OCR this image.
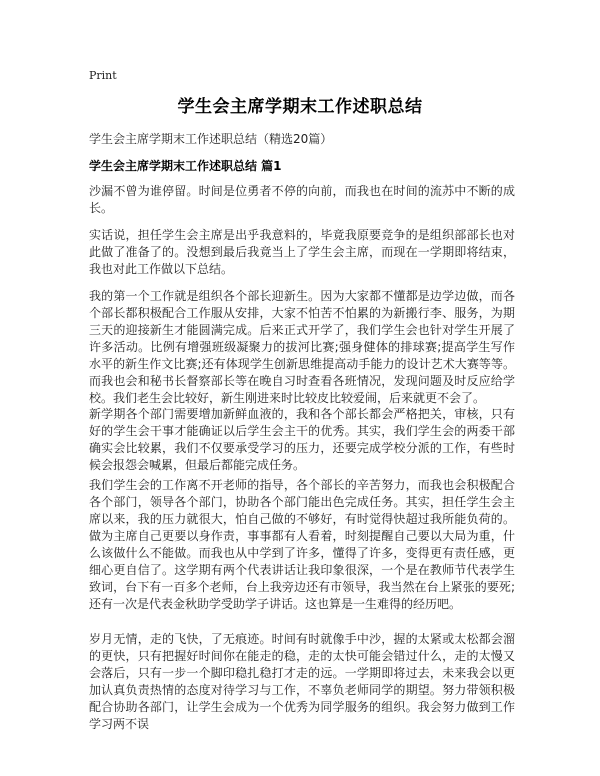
Print
学生会主席学期末工作述职总结
学生会主席学期末工作述职总结（精选20篇）
学生会主席学期末工作述职总结 篇1

沙漏不曾为谁停留。时间是位勇者不停的向前，而我也在时间的流苏中不断的成长。

实话说，担任学生会主席是出乎我意料的，毕竟我原要竞争的是组织部部长也对此做了准备了的。没想到最后我竟当上了学生会主席，而现在一学期即将结束，我也对此工作做以下总结。

我的第一个工作就是组织各个部长迎新生。因为大家都不懂都是边学边做，而各个部长都积极配合工作服从安排，大家不怕苦不怕累的为新搬行李、服务，为期三天的迎接新生才能圆满完成。后来正式开学了，我们学生会也针对学生开展了许多活动。比例有增强班级凝聚力的拔河比赛;强身健体的排球赛;提高学生写作水平的新生作文比赛;还有体现学生创新思维提高动手能力的设计艺术大赛等等。而我也会和秘书长督察部长等在晚自习时查看各班情况，发现问题及时反应给学校。我们老生会比较好，新生刚进来时比较皮比较爱闹，后来就更不会了。

新学期各个部门需要增加新鲜血液的，我和各个部长都会严格把关，审核，只有好的学生会干事才能确证以后学生会主干的优秀。其实，我们学生会的两委干部确实会比较累，我们不仅要承受学习的压力，还要完成学校分派的工作，有些时候会报怨会喊累，但最后都能完成任务。

我们学生会的工作离不开老师的指导，各个部长的辛苦努力，而我也会积极配合各个部门，领导各个部门，协助各个部门能出色完成任务。其实，担任学生会主席以来，我的压力就很大，怕自己做的不够好，有时觉得快超过我所能负荷的。做为主席自己更要以身作责，事事都有人看着，时刻提醒自己要以大局为重，什么该做什么不能做。而我也从中学到了许多，懂得了许多，变得更有责任感，更细心更自信了。这学期有两个代表讲话让我印象很深，一个是在教师节代表学生致词，台下有一百多个老师，台上我旁边还有市领导，我当然在台上紧张的要死;还有一次是代表金秋助学受助学子讲话。这也算是一生难得的经历吧。

岁月无情，走的飞快，了无痕迹。时间有时就像手中沙，握的太紧或太松都会溜的更快，只有把握好时间你在能走的稳，走的太快可能会错过什么，走的太慢又会落后，只有一步一个脚印稳扎稳打才走的远。一学期即将过去，未来我会以更加认真负责热情的态度对待学习与工作，不辜负老师同学的期望。努力带领积极配合协助各部门，让学生会成为一个优秀为同学服务的组织。我会努力做到工作学习两不误
